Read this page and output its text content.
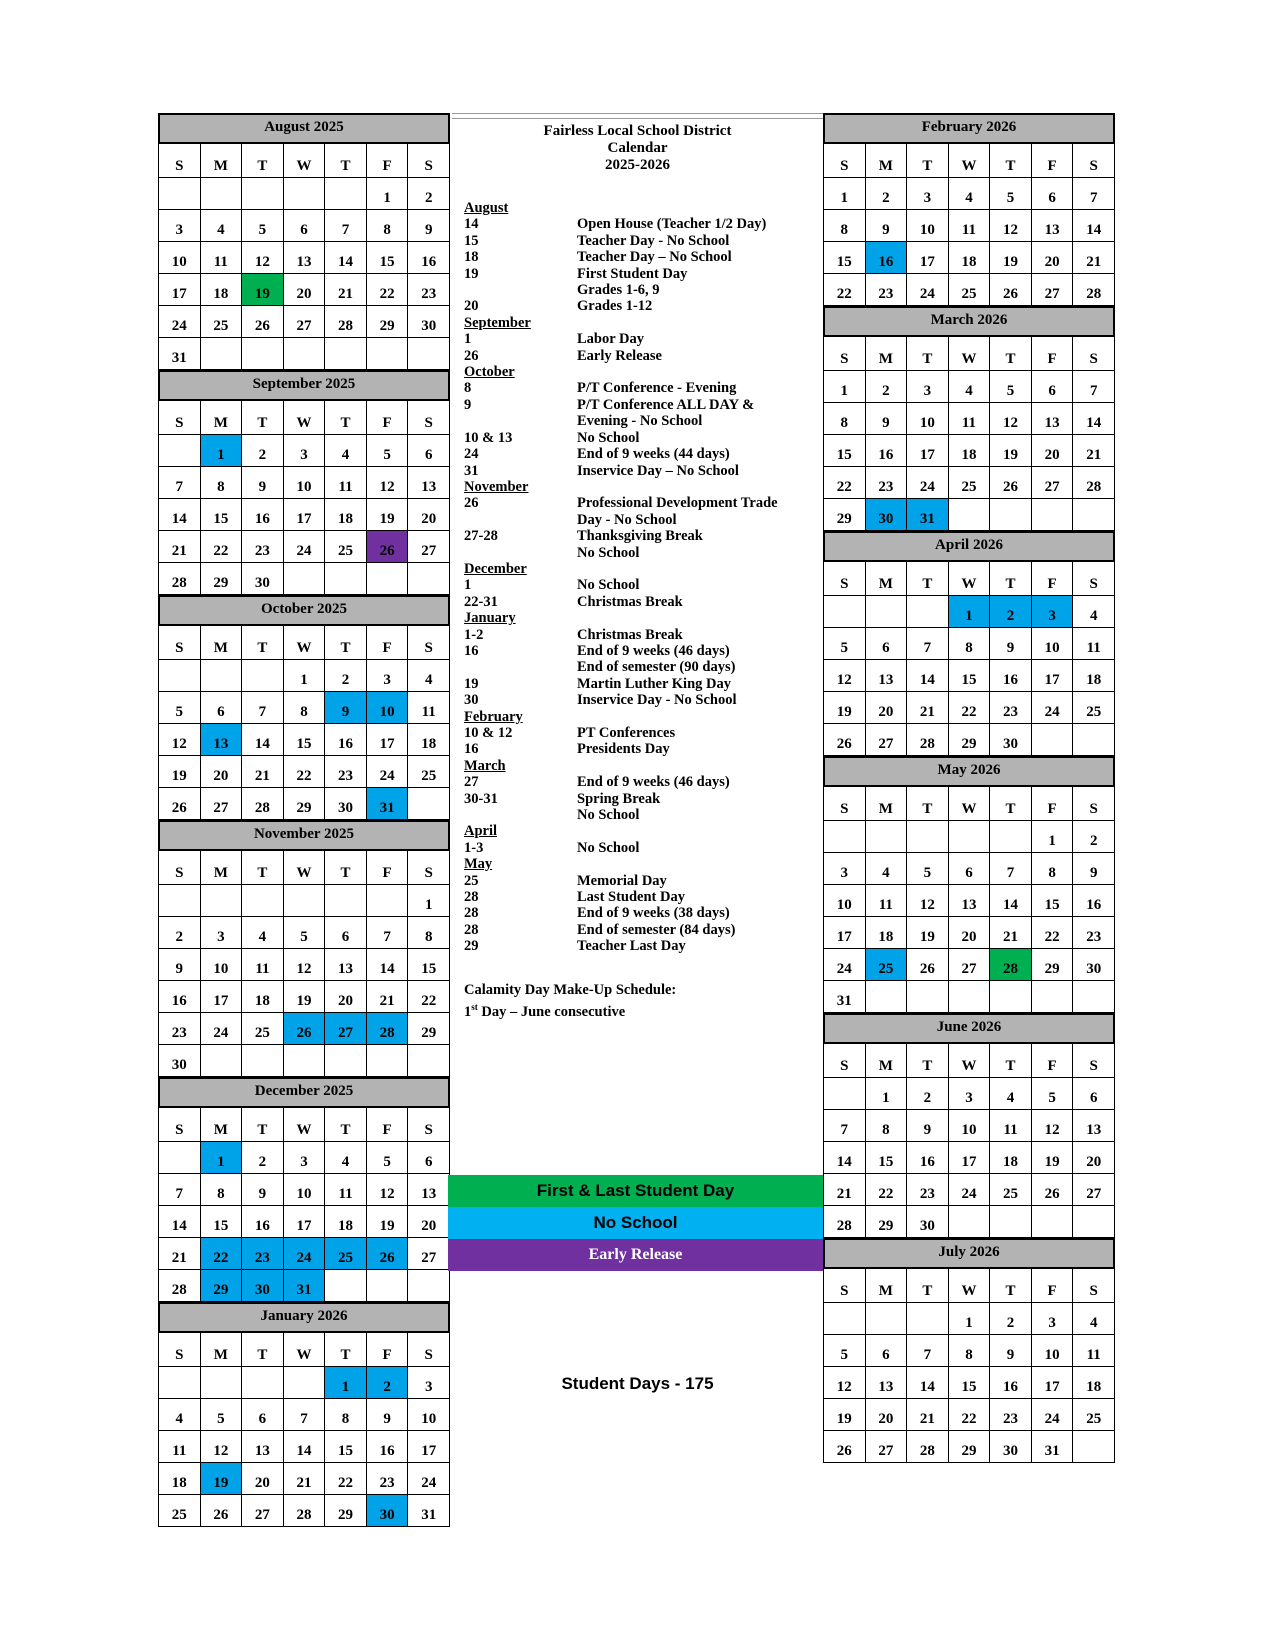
August 2025
S	M	T	W	T	F	S
					1	2
3	4	5	6	7	8	9
10	11	12	13	14	15	16
17	18	19	20	21	22	23
24	25	26	27	28	29	30
31						
September 2025
S	M	T	W	T	F	S
	1	2	3	4	5	6
7	8	9	10	11	12	13
14	15	16	17	18	19	20
21	22	23	24	25	26	27
28	29	30				
October 2025
S	M	T	W	T	F	S
			1	2	3	4
5	6	7	8	9	10	11
12	13	14	15	16	17	18
19	20	21	22	23	24	25
26	27	28	29	30	31	
November 2025
S	M	T	W	T	F	S
						1
2	3	4	5	6	7	8
9	10	11	12	13	14	15
16	17	18	19	20	21	22
23	24	25	26	27	28	29
30						
December 2025
S	M	T	W	T	F	S
	1	2	3	4	5	6
7	8	9	10	11	12	13
14	15	16	17	18	19	20
21	22	23	24	25	26	27
28	29	30	31			
January 2026
S	M	T	W	T	F	S
				1	2	3
4	5	6	7	8	9	10
11	12	13	14	15	16	17
18	19	20	21	22	23	24
25	26	27	28	29	30	31
Fairless Local School District
Calendar
2025-2026
August
14	Open House (Teacher 1/2 Day)
15	Teacher Day - No School
18	Teacher Day – No School
19	First Student Day
Grades 1-6, 9
20	Grades 1-12
September
1	Labor Day
26	Early Release
October
8	P/T Conference - Evening
9	P/T Conference ALL DAY &
Evening - No School
10 & 13	No School
24	End of 9 weeks (44 days)
31	Inservice Day – No School
November
26	Professional Development Trade
Day - No School
27-28	Thanksgiving Break
No School
December
1	No School
22-31	Christmas Break
January
1-2	Christmas Break
16	End of 9 weeks (46 days)
End of semester (90 days)
19	Martin Luther King Day
30	Inservice Day - No School
February
10 & 12	PT Conferences
16	Presidents Day
March
27	End of 9 weeks (46 days)
30-31	Spring Break
No School
April
1-3	No School
May
25	Memorial Day
28	Last Student Day
28	End of 9 weeks (38 days)
28	End of semester (84 days)
29	Teacher Last Day
Calamity Day Make-Up Schedule:
1st Day – June consecutive
First & Last Student Day
No School
Early Release
Student Days - 175
February 2026
S	M	T	W	T	F	S
1	2	3	4	5	6	7
8	9	10	11	12	13	14
15	16	17	18	19	20	21
22	23	24	25	26	27	28
March 2026
S	M	T	W	T	F	S
1	2	3	4	5	6	7
8	9	10	11	12	13	14
15	16	17	18	19	20	21
22	23	24	25	26	27	28
29	30	31				
April 2026
S	M	T	W	T	F	S
			1	2	3	4
5	6	7	8	9	10	11
12	13	14	15	16	17	18
19	20	21	22	23	24	25
26	27	28	29	30		
May 2026
S	M	T	W	T	F	S
					1	2
3	4	5	6	7	8	9
10	11	12	13	14	15	16
17	18	19	20	21	22	23
24	25	26	27	28	29	30
31						
June 2026
S	M	T	W	T	F	S
	1	2	3	4	5	6
7	8	9	10	11	12	13
14	15	16	17	18	19	20
21	22	23	24	25	26	27
28	29	30				
July 2026
S	M	T	W	T	F	S
			1	2	3	4
5	6	7	8	9	10	11
12	13	14	15	16	17	18
19	20	21	22	23	24	25
26	27	28	29	30	31	
